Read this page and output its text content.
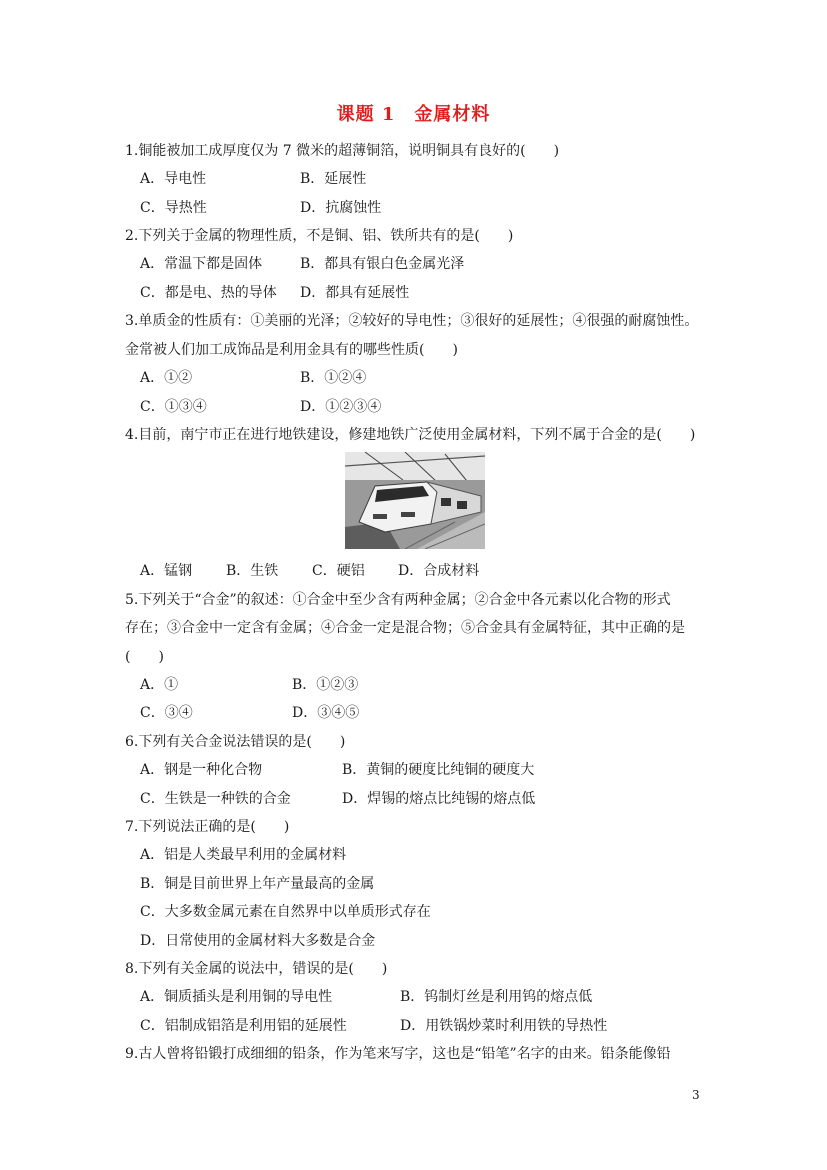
课题 1　金属材料
1.铜能被加工成厚度仅为 7 微米的超薄铜箔，说明铜具有良好的(　　)
A．导电性	B．延展性
C．导热性	D．抗腐蚀性
2.下列关于金属的物理性质，不是铜、铝、铁所共有的是(　　)
A．常温下都是固体	B．都具有银白色金属光泽
C．都是电、热的导体 D．都具有延展性
3.单质金的性质有：①美丽的光泽；②较好的导电性；③很好的延展性；④很强的耐腐蚀性。
金常被人们加工成饰品是利用金具有的哪些性质(　　)
A．①②	B．①②④
C．①③④	D．①②③④
4.目前，南宁市正在进行地铁建设，修建地铁广泛使用金属材料，下列不属于合金的是(　　)
A．锰钢 B．生铁 C．硬铝 D．合成材料
5.下列关于“合金”的叙述：①合金中至少含有两种金属；②合金中各元素以化合物的形式
存在；③合金中一定含有金属；④合金一定是混合物；⑤合金具有金属特征，其中正确的是
(　　)
A．①	B．①②③
C．③④	D．③④⑤
6.下列有关合金说法错误的是(　　)
A．钢是一种化合物	B．黄铜的硬度比纯铜的硬度大
C．生铁是一种铁的合金	D．焊锡的熔点比纯锡的熔点低
7.下列说法正确的是(　　)
A．铝是人类最早利用的金属材料
B．铜是目前世界上年产量最高的金属
C．大多数金属元素在自然界中以单质形式存在
D．日常使用的金属材料大多数是合金
8.下列有关金属的说法中，错误的是(　　)
A．铜质插头是利用铜的导电性	B．钨制灯丝是利用钨的熔点低
C．铝制成铝箔是利用铝的延展性	D．用铁锅炒菜时利用铁的导热性
9.古人曾将铅锻打成细细的铅条，作为笔来写字，这也是“铅笔”名字的由来。铅条能像铅
3
